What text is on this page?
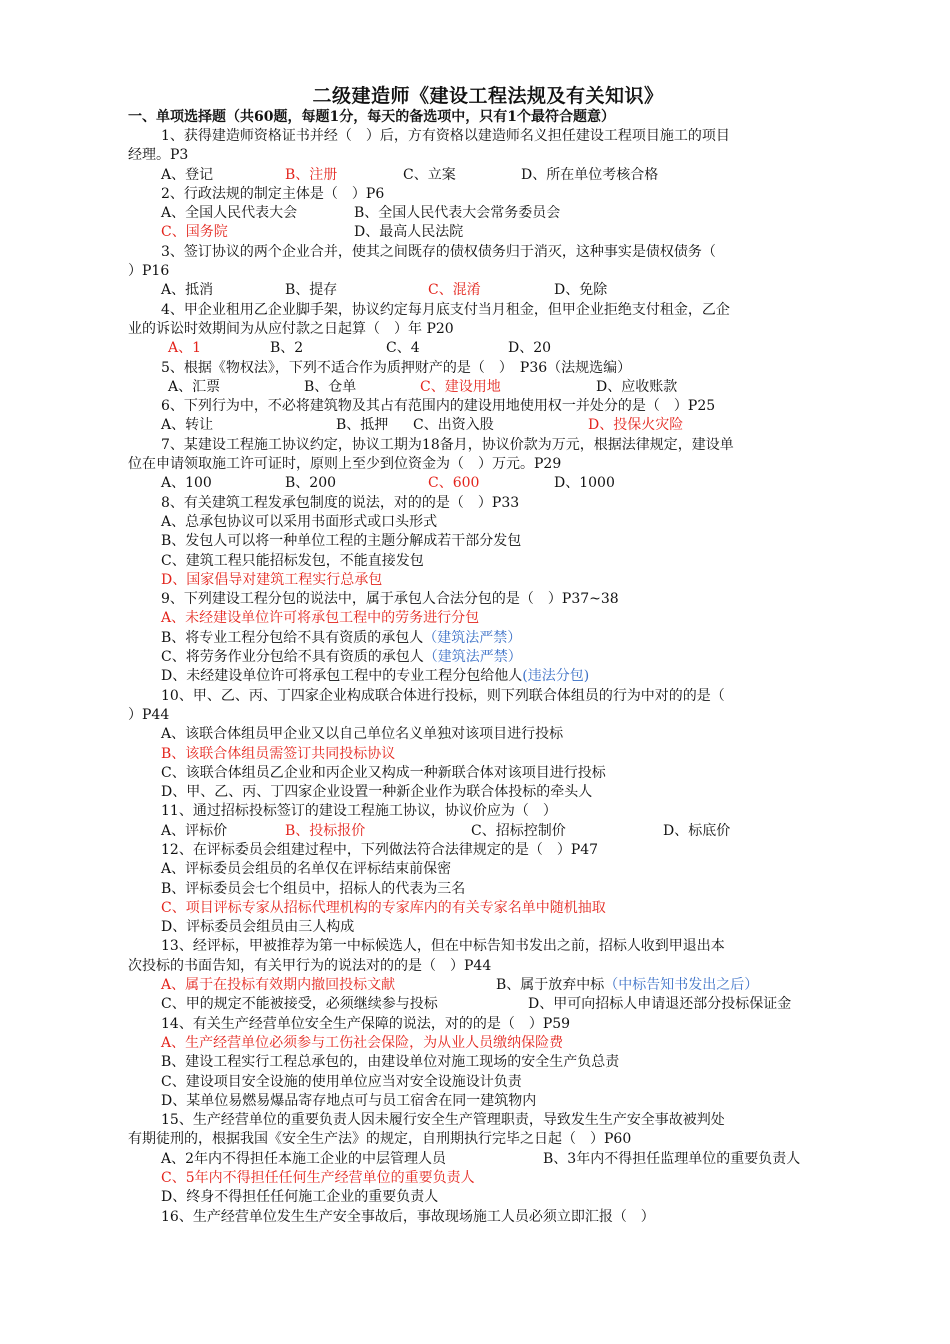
二级建造师《建设工程法规及有关知识》
一、单项选择题（共60题，每题1分，每天的备选项中，只有1个最符合题意）
1、获得建造师资格证书并经（　）后，方有资格以建造师名义担任建设工程项目施工的项目
经理。P3
A、登记	B、注册	C、立案	D、所在单位考核合格
2、行政法规的制定主体是（　）P6
A、全国人民代表大会	B、全国人民代表大会常务委员会
C、国务院	D、最高人民法院
3、签订协议的两个企业合并，使其之间既存的债权债务归于消灭，这种事实是债权债务（
）P16
A、抵消	B、提存	C、混淆	D、免除
4、甲企业租用乙企业脚手架，协议约定每月底支付当月租金，但甲企业拒绝支付租金，乙企
业的诉讼时效期间为从应付款之日起算（　）年 P20
A、1	B、2	C、4	D、20
5、根据《物权法》，下列不适合作为质押财产的是（　）　P36（法规选编）
A、汇票	B、仓单	C、建设用地	D、应收账款
6、下列行为中，不必将建筑物及其占有范围内的建设用地使用权一并处分的是（　）P25
A、转让	B、抵押 C、出资入股	D、投保火灾险
7、某建设工程施工协议约定，协议工期为18备月，协议价款为万元，根据法律规定，建设单
位在申请领取施工许可证时，原则上至少到位资金为（　）万元。P29
A、100	B、200	C、600	D、1000
8、有关建筑工程发承包制度的说法，对的的是（　）P33
A、总承包协议可以采用书面形式或口头形式
B、发包人可以将一种单位工程的主题分解成若干部分发包
C、建筑工程只能招标发包，不能直接发包
D、国家倡导对建筑工程实行总承包
9、下列建设工程分包的说法中，属于承包人合法分包的是（　）P37~38
A、未经建设单位许可将承包工程中的劳务进行分包
B、将专业工程分包给不具有资质的承包人（建筑法严禁）
C、将劳务作业分包给不具有资质的承包人（建筑法严禁）
D、未经建设单位许可将承包工程中的专业工程分包给他人(违法分包)
10、甲、乙、丙、丁四家企业构成联合体进行投标，则下列联合体组员的行为中对的的是（
）P44
A、该联合体组员甲企业又以自己单位名义单独对该项目进行投标
B、该联合体组员需签订共同投标协议
C、该联合体组员乙企业和丙企业又构成一种新联合体对该项目进行投标
D、甲、乙、丙、丁四家企业设置一种新企业作为联合体投标的牵头人
11、通过招标投标签订的建设工程施工协议，协议价应为（　）
A、评标价	B、投标报价	C、招标控制价	D、标底价
12、在评标委员会组建过程中，下列做法符合法律规定的是（　）P47
A、评标委员会组员的名单仅在评标结束前保密
B、评标委员会七个组员中，招标人的代表为三名
C、项目评标专家从招标代理机构的专家库内的有关专家名单中随机抽取
D、评标委员会组员由三人构成
13、经评标，甲被推荐为第一中标候选人，但在中标告知书发出之前，招标人收到甲退出本
次投标的书面告知，有关甲行为的说法对的的是（　）P44
A、属于在投标有效期内撤回投标文献	B、属于放弃中标（中标告知书发出之后）
C、甲的规定不能被接受，必须继续参与投标	D、甲可向招标人申请退还部分投标保证金
14、有关生产经营单位安全生产保障的说法，对的的是（　）P59
A、生产经营单位必须参与工伤社会保险，为从业人员缴纳保险费
B、建设工程实行工程总承包的，由建设单位对施工现场的安全生产负总责
C、建设项目安全设施的使用单位应当对安全设施设计负责
D、某单位易燃易爆品寄存地点可与员工宿舍在同一建筑物内
15、生产经营单位的重要负责人因未履行安全生产管理职责，导致发生生产安全事故被判处
有期徒刑的，根据我国《安全生产法》的规定，自刑期执行完毕之日起（　）P60
A、2年内不得担任本施工企业的中层管理人员	B、3年内不得担任监理单位的重要负责人
C、5年内不得担任任何生产经营单位的重要负责人
D、终身不得担任任何施工企业的重要负责人
16、生产经营单位发生生产安全事故后，事故现场施工人员必须立即汇报（　）
